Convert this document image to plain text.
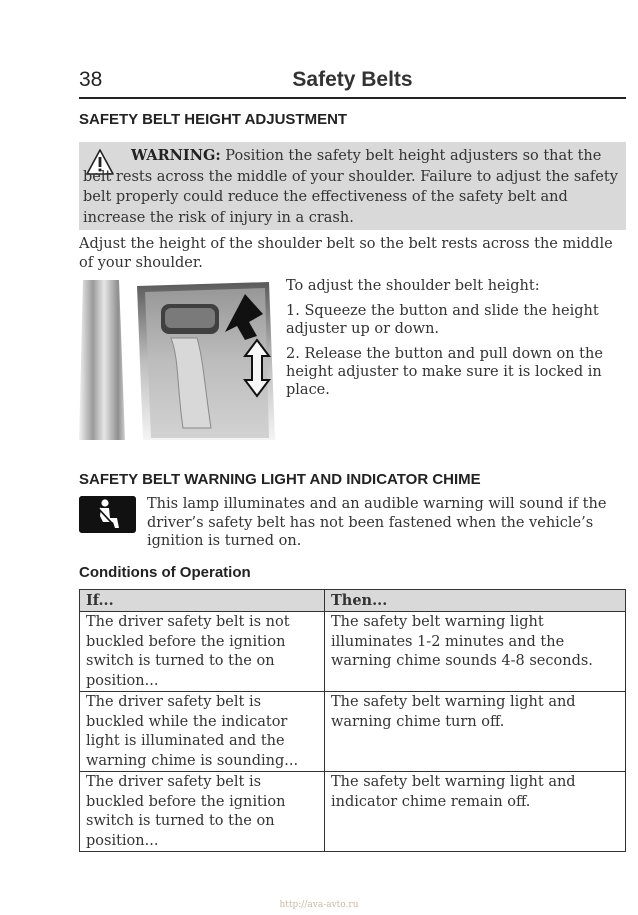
38	Safety Belts
SAFETY BELT HEIGHT ADJUSTMENT

WARNING: Position the safety belt height adjusters so that the belt rests across the middle of your shoulder. Failure to adjust the safety belt properly could reduce the effectiveness of the safety belt and increase the risk of injury in a crash.

Adjust the height of the shoulder belt so the belt rests across the middle of your shoulder.

To adjust the shoulder belt height:

1. Squeeze the button and slide the height adjuster up or down.

2. Release the button and pull down on the height adjuster to make sure it is locked in place.

SAFETY BELT WARNING LIGHT AND INDICATOR CHIME

This lamp illuminates and an audible warning will sound if the driver’s safety belt has not been fastened when the vehicle’s ignition is turned on.

Conditions of Operation
If...	Then...
The driver safety belt is not buckled before the ignition switch is turned to the on position...	The safety belt warning light illuminates 1-2 minutes and the warning chime sounds 4-8 seconds.
The driver safety belt is buckled while the indicator light is illuminated and the warning chime is sounding...	The safety belt warning light and warning chime turn off.
The driver safety belt is buckled before the ignition switch is turned to the on position...	The safety belt warning light and indicator chime remain off.
http://ava-avto.ru
